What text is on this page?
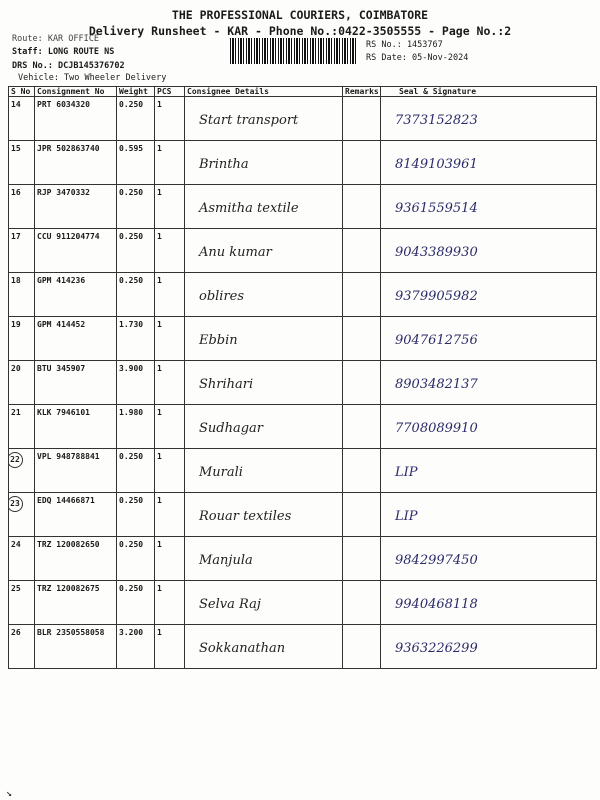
THE PROFESSIONAL COURIERS, COIMBATORE
Delivery Runsheet - KAR - Phone No.:0422-3505555 - Page No.:2
Route: KAR OFFICE
Staff: LONG ROUTE NS
DRS No.: DCJB145376702
Vehicle: Two Wheeler Delivery
RS No.: 1453767
RS Date: 05-Nov-2024
S No	Consignment No	Weight	PCS	Consignee Details	Remarks	Seal & Signature
14	PRT 6034320	0.250	1	Start transport		7373152823
15	JPR 502863740	0.595	1	Brintha		8149103961
16	RJP 3470332	0.250	1	Asmitha textile		9361559514
17	CCU 911204774	0.250	1	Anu kumar		9043389930
18	GPM 414236	0.250	1	oblires		9379905982
19	GPM 414452	1.730	1	Ebbin		9047612756
20	BTU 345907	3.900	1	Shrihari		8903482137
21	KLK 7946101	1.980	1	Sudhagar		7708089910
22	VPL 948788841	0.250	1	Murali		LIP
23	EDQ 14466871	0.250	1	Rouar textiles		LIP
24	TRZ 120082650	0.250	1	Manjula		9842997450
25	TRZ 120082675	0.250	1	Selva Raj		9940468118
26	BLR 2350558058	3.200	1	Sokkanathan		9363226299
↘
